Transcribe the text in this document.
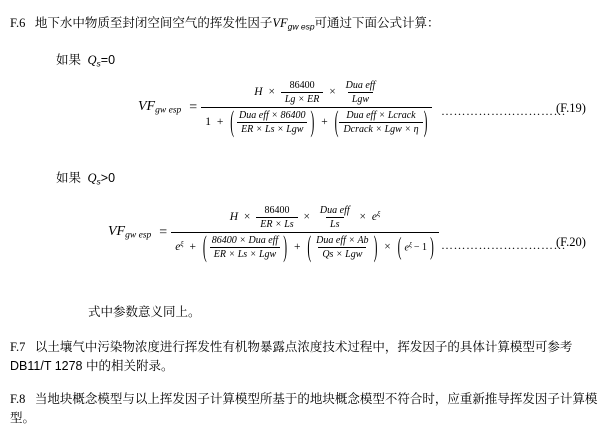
F.6 地下水中物质至封闭空间空气的挥发性因子$VF_{gw esp}$可通过下面公式计算：
如果 $Q_s=0$
$VF_{gw esp}$ =
$H \times \frac{86400}{Lg \times ER} \times \frac{\text{Dua eff}}{\text{Lgw}}$
1 + ( $\frac{\text{Dua eff × 86400}}{\text{ER × Ls × Lgw}}$ ) + ( $\frac{\text{Dua eff × Lcrack}}{\text{Dcrack × Lgw × η}}$ ) …………………………
(F.19)
如果 $Q_s>0$
$VF_{gw esp}$ =
$H \times \frac{86400}{ER \times Ls} \times \frac{\text{Dua eff}}{Ls} \times e^\xi$
$e^\xi$ + ( $\frac{\text{86400 × Dua eff}}{\text{ER × Ls × Lgw}}$ ) + ( $\frac{\text{Dua eff × Ab}}{\text{Qs × Lgw}}$ ) × ( $e^\xi - 1$ ) …………………………
(F.20)
式中参数意义同上。
F.7 以土壤气中污染物浓度进行挥发性有机物暴露点浓度技术过程中，挥发因子的具体计算模型可参考DB11/T 1278 中的相关附录。
F.8 当地块概念模型与以上挥发因子计算模型所基于的地块概念模型不符合时，应重新推导挥发因子计算模型。
